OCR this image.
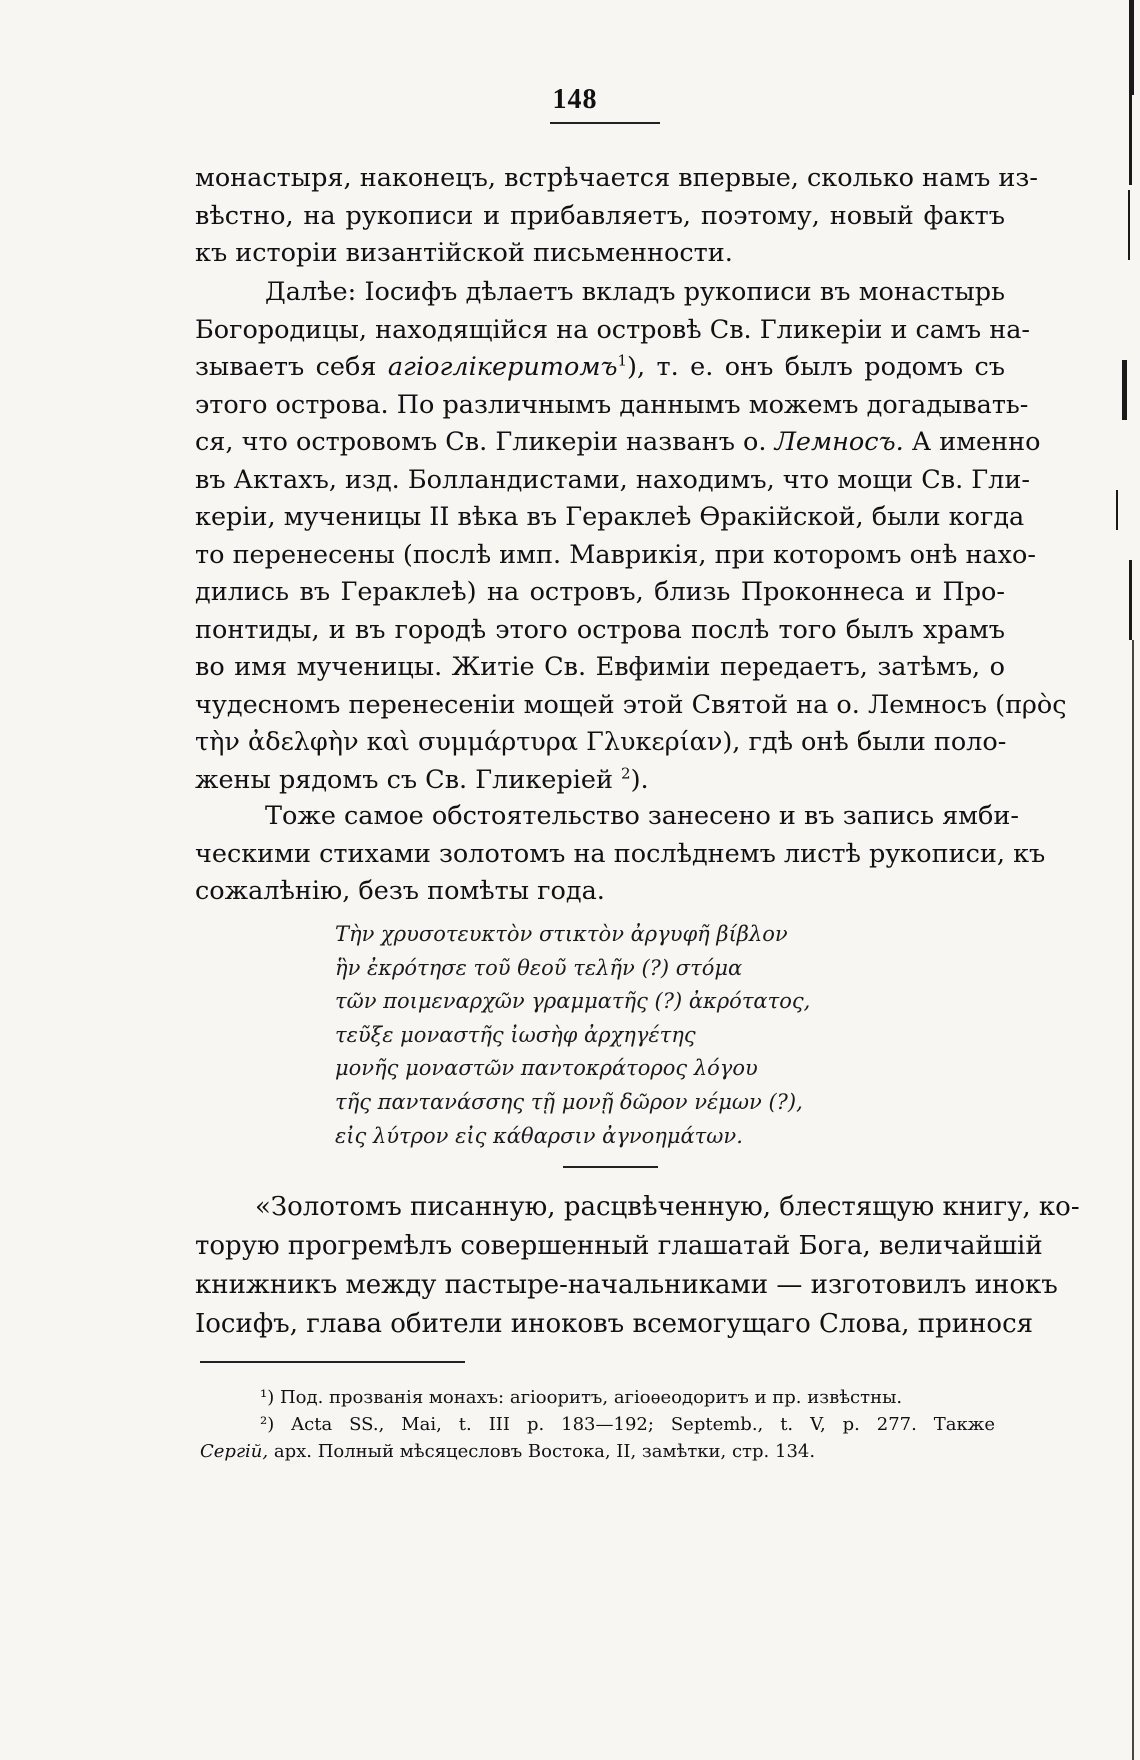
148
монастыря, наконецъ, встрѣчается впервые, сколько намъ из-
вѣстно, на рукописи и прибавляетъ, поэтому, новый фактъ
къ исторіи византійской письменности.
Далѣе: Іосифъ дѣлаетъ вкладъ рукописи въ монастырь
Богородицы, находящійся на островѣ Св. Гликеріи и самъ на-
зываетъ себя агіоглікеритомъ$^1$), т. е. онъ былъ родомъ съ
этого острова. По различнымъ даннымъ можемъ догадывать-
ся, что островомъ Св. Гликеріи названъ о. Лемносъ. А именно
въ Актахъ, изд. Болландистами, находимъ, что мощи Св. Гли-
керіи, мученицы II вѣка въ Гераклеѣ Ѳракійской, были когда
то перенесены (послѣ имп. Маврикія, при которомъ онѣ нахо-
дились въ Гераклеѣ) на островъ, близь Проконнеса и Про-
понтиды, и въ городѣ этого острова послѣ того былъ храмъ
во имя мученицы. Житіе Св. Евфиміи передаетъ, затѣмъ, о
чудесномъ перенесеніи мощей этой Святой на о. Лемносъ (πρὸς
τὴν ἀδελφὴν καὶ συμμάρτυρα Γλυκερίαν), гдѣ онѣ были поло-
жены рядомъ съ Св. Гликеріей $^2$).
Тоже самое обстоятельство занесено и въ запись ямби-
ческими стихами золотомъ на послѣднемъ листѣ рукописи, къ
сожалѣнію, безъ помѣты года.
Τὴν χρυσοτευκτὸν στικτὸν ἀργυφῆ βίβλον
ἣν ἐκρότησε τοῦ θεοῦ τελῆν (?) στόμα
τῶν ποιμεναρχῶν γραμματῆς (?) ἀκρότατος,
τεῦξε μοναστῆς ἰωσὴφ ἀρχηγέτης
μονῆς μοναστῶν παντοκράτορος λόγου
τῆς παντανάσσης τῇ μονῇ δῶρον νέμων (?),
εἰς λύτρον εἰς κάθαρσιν ἀγνοημάτων.
«Золотомъ писанную, расцвѣченную, блестящую книгу, ко-
торую прогремѣлъ совершенный глашатай Бога, величайшій
книжникъ между пастыре-начальниками — изготовилъ инокъ
Іосифъ, глава обители иноковъ всемогущаго Слова, принося
¹) Под. прозванія монахъ: агіооритъ, агіоѳеодоритъ и пр. извѣстны.
²) Acta SS., Mai, t. III p. 183—192; Septemb., t. V, p. 277. Также
Сергій, арх. Полный мѣсяцесловъ Востока, II, замѣтки, стр. 134.
